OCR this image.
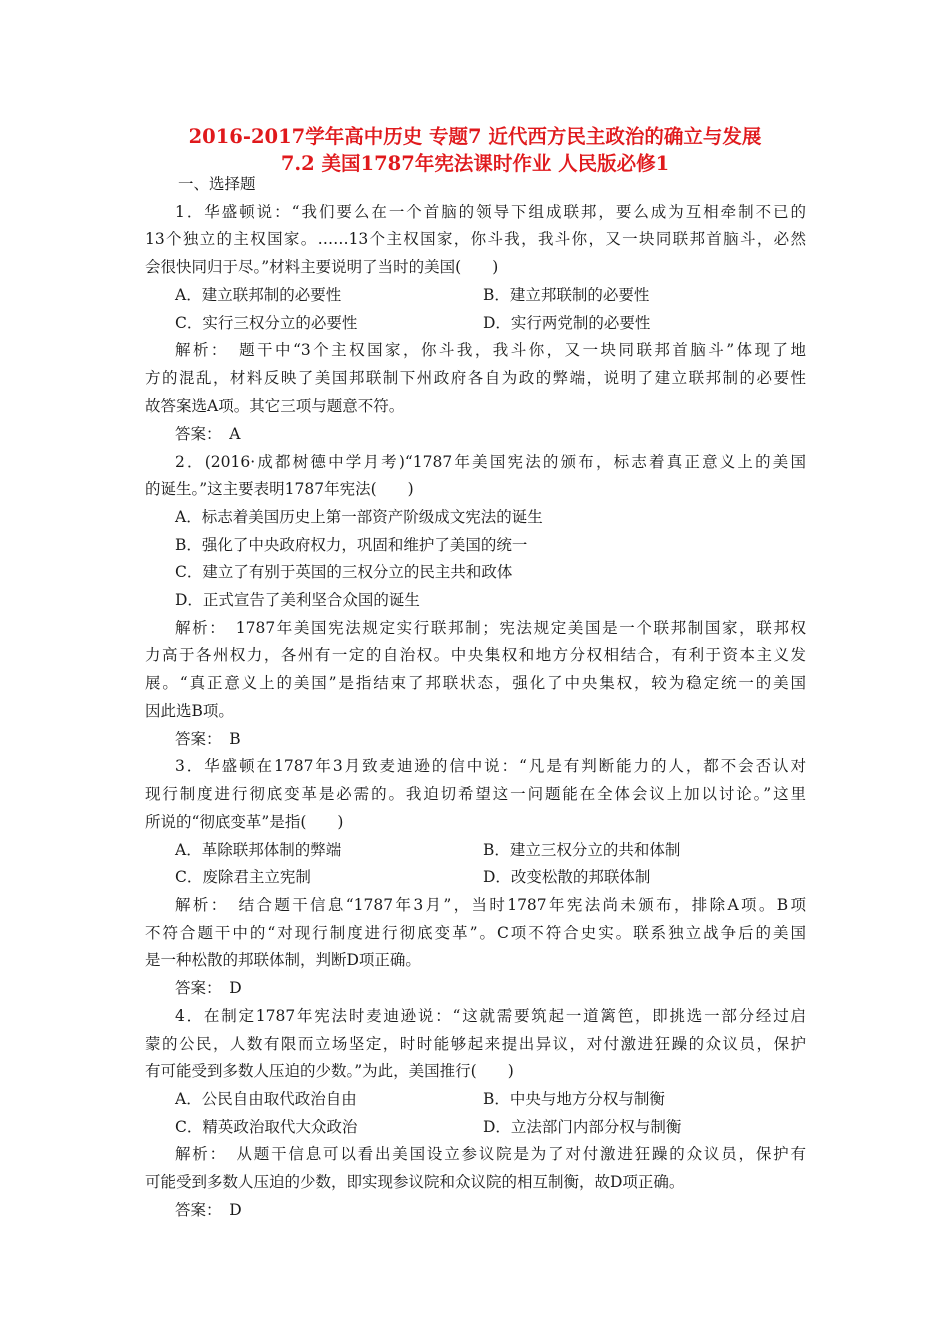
2016-2017学年高中历史 专题7 近代西方民主政治的确立与发展
7.2 美国1787年宪法课时作业 人民版必修1
一、选择题
1．华盛顿说：“我们要么在一个首脑的领导下组成联邦，要么成为互相牵制不已的
13个独立的主权国家。……13个主权国家，你斗我，我斗你，又一块同联邦首脑斗，必然
会很快同归于尽。”材料主要说明了当时的美国(　　)
A．建立联邦制的必要性	B．建立邦联制的必要性
C．实行三权分立的必要性	D．实行两党制的必要性
解析：　题干中“3个主权国家，你斗我，我斗你，又一块同联邦首脑斗”体现了地
方的混乱，材料反映了美国邦联制下州政府各自为政的弊端，说明了建立联邦制的必要性
故答案选A项。其它三项与题意不符。
答案：　A
2．(2016·成都树德中学月考)“1787年美国宪法的颁布，标志着真正意义上的美国
的诞生。”这主要表明1787年宪法(　　)
A．标志着美国历史上第一部资产阶级成文宪法的诞生
B．强化了中央政府权力，巩固和维护了美国的统一
C．建立了有别于英国的三权分立的民主共和政体
D．正式宣告了美利坚合众国的诞生
解析：　1787年美国宪法规定实行联邦制；宪法规定美国是一个联邦制国家，联邦权
力高于各州权力，各州有一定的自治权。中央集权和地方分权相结合，有利于资本主义发
展。“真正意义上的美国”是指结束了邦联状态，强化了中央集权，较为稳定统一的美国
因此选B项。
答案：　B
3．华盛顿在1787年3月致麦迪逊的信中说：“凡是有判断能力的人，都不会否认对
现行制度进行彻底变革是必需的。我迫切希望这一问题能在全体会议上加以讨论。”这里
所说的“彻底变革”是指(　　)
A．革除联邦体制的弊端	B．建立三权分立的共和体制
C．废除君主立宪制	D．改变松散的邦联体制
解析：　结合题干信息“1787年3月”，当时1787年宪法尚未颁布，排除A项。B项
不符合题干中的“对现行制度进行彻底变革”。C项不符合史实。联系独立战争后的美国
是一种松散的邦联体制，判断D项正确。
答案：　D
4．在制定1787年宪法时麦迪逊说：“这就需要筑起一道篱笆，即挑选一部分经过启
蒙的公民，人数有限而立场坚定，时时能够起来提出异议，对付激进狂躁的众议员，保护
有可能受到多数人压迫的少数。”为此，美国推行(　　)
A．公民自由取代政治自由	B．中央与地方分权与制衡
C．精英政治取代大众政治	D．立法部门内部分权与制衡
解析：　从题干信息可以看出美国设立参议院是为了对付激进狂躁的众议员，保护有
可能受到多数人压迫的少数，即实现参议院和众议院的相互制衡，故D项正确。
答案：　D
